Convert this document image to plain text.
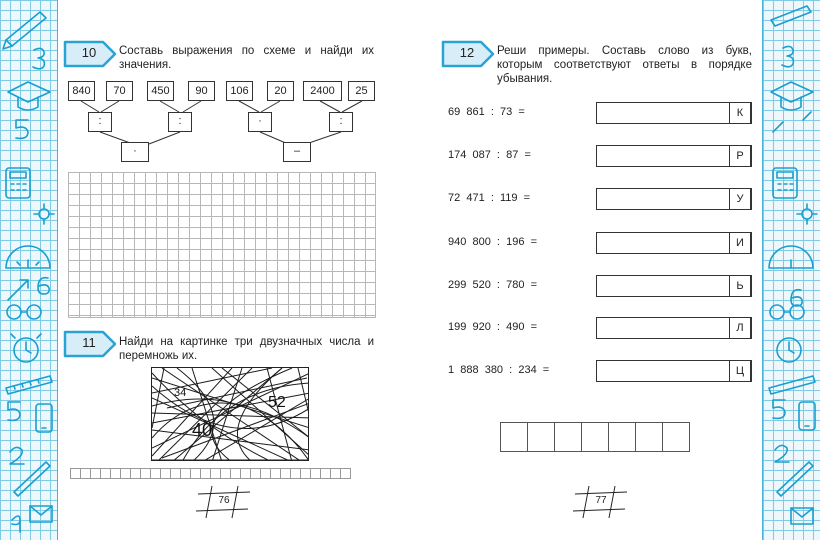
10	Составь выражения по схеме и найди их значения.
840	70	450	90	106	20	2400	25
:	:	·	:
·	–
11	Найди на картинке три двузначных числа и перемножь их.
34
52
40
76
12	Реши примеры. Составь слово из букв, которым соответствуют ответы в порядке убывания.
69  861  :  73  =	К
174  087  :  87  =	Р
72  471  :  119  =	У
940  800  :  196  =	И
299  520  :  780  =	Ь
199  920  :  490  =	Л
1  888  380  :  234  =	Ц
77
